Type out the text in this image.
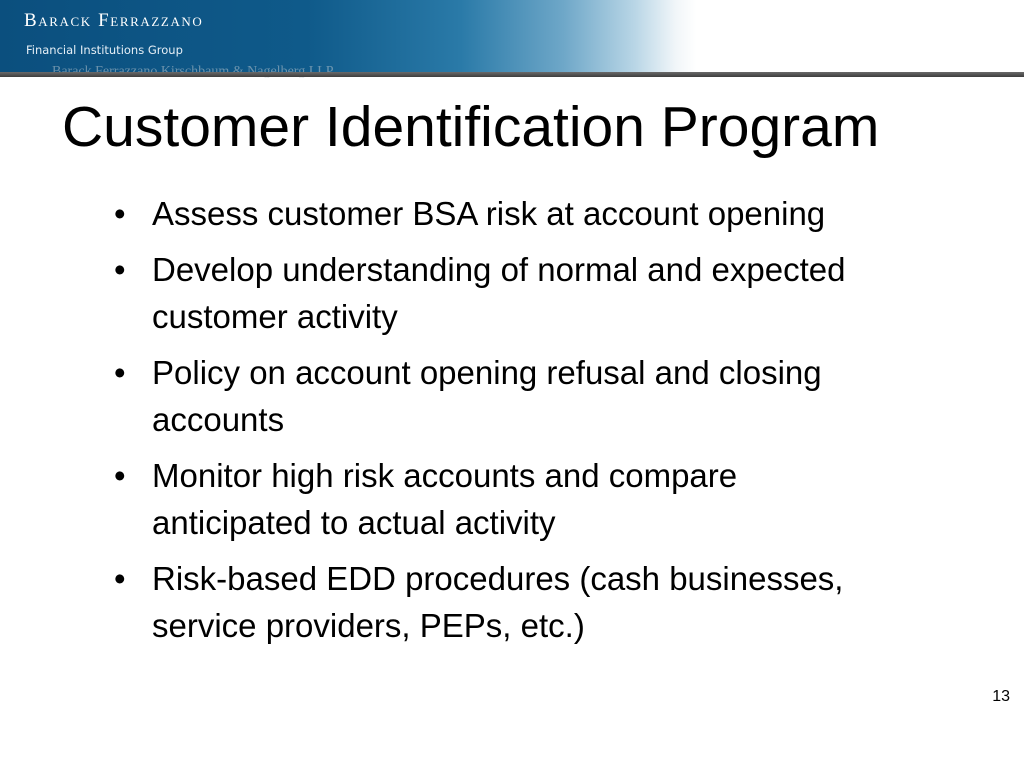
Barack Ferrazzano
Financial Institutions Group
Customer Identification Program
• Assess customer BSA risk at account opening
• Develop understanding of normal and expected customer activity
• Policy on account opening refusal and closing accounts
• Monitor high risk accounts and compare anticipated to actual activity
• Risk-based EDD procedures (cash businesses, service providers, PEPs, etc.)
13
